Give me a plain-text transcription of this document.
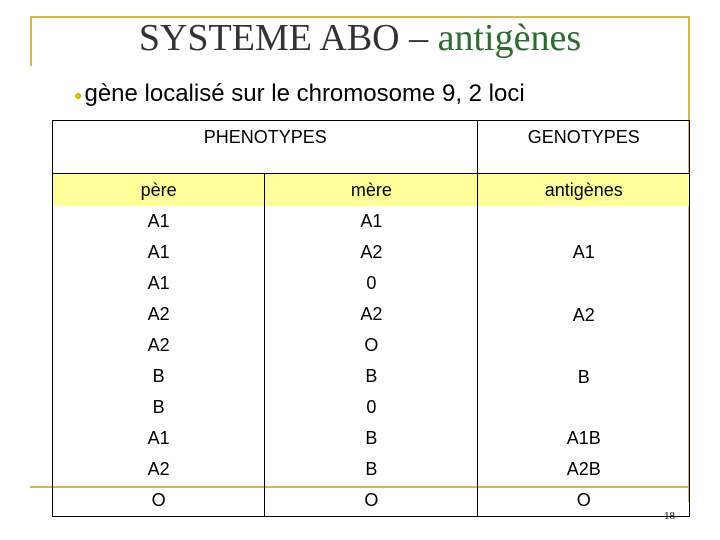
SYSTEME ABO – antigènes
●gène localisé sur le chromosome 9, 2 loci
PHENOTYPES		GENOTYPES
père	mère	antigènes
A1	A1	A1
A1	A2	
A1	0	
A2	A2	A2
A2	O	
B	B	B
B	0	
A1	B	A1B
A2	B	A2B
O	O	O
18
